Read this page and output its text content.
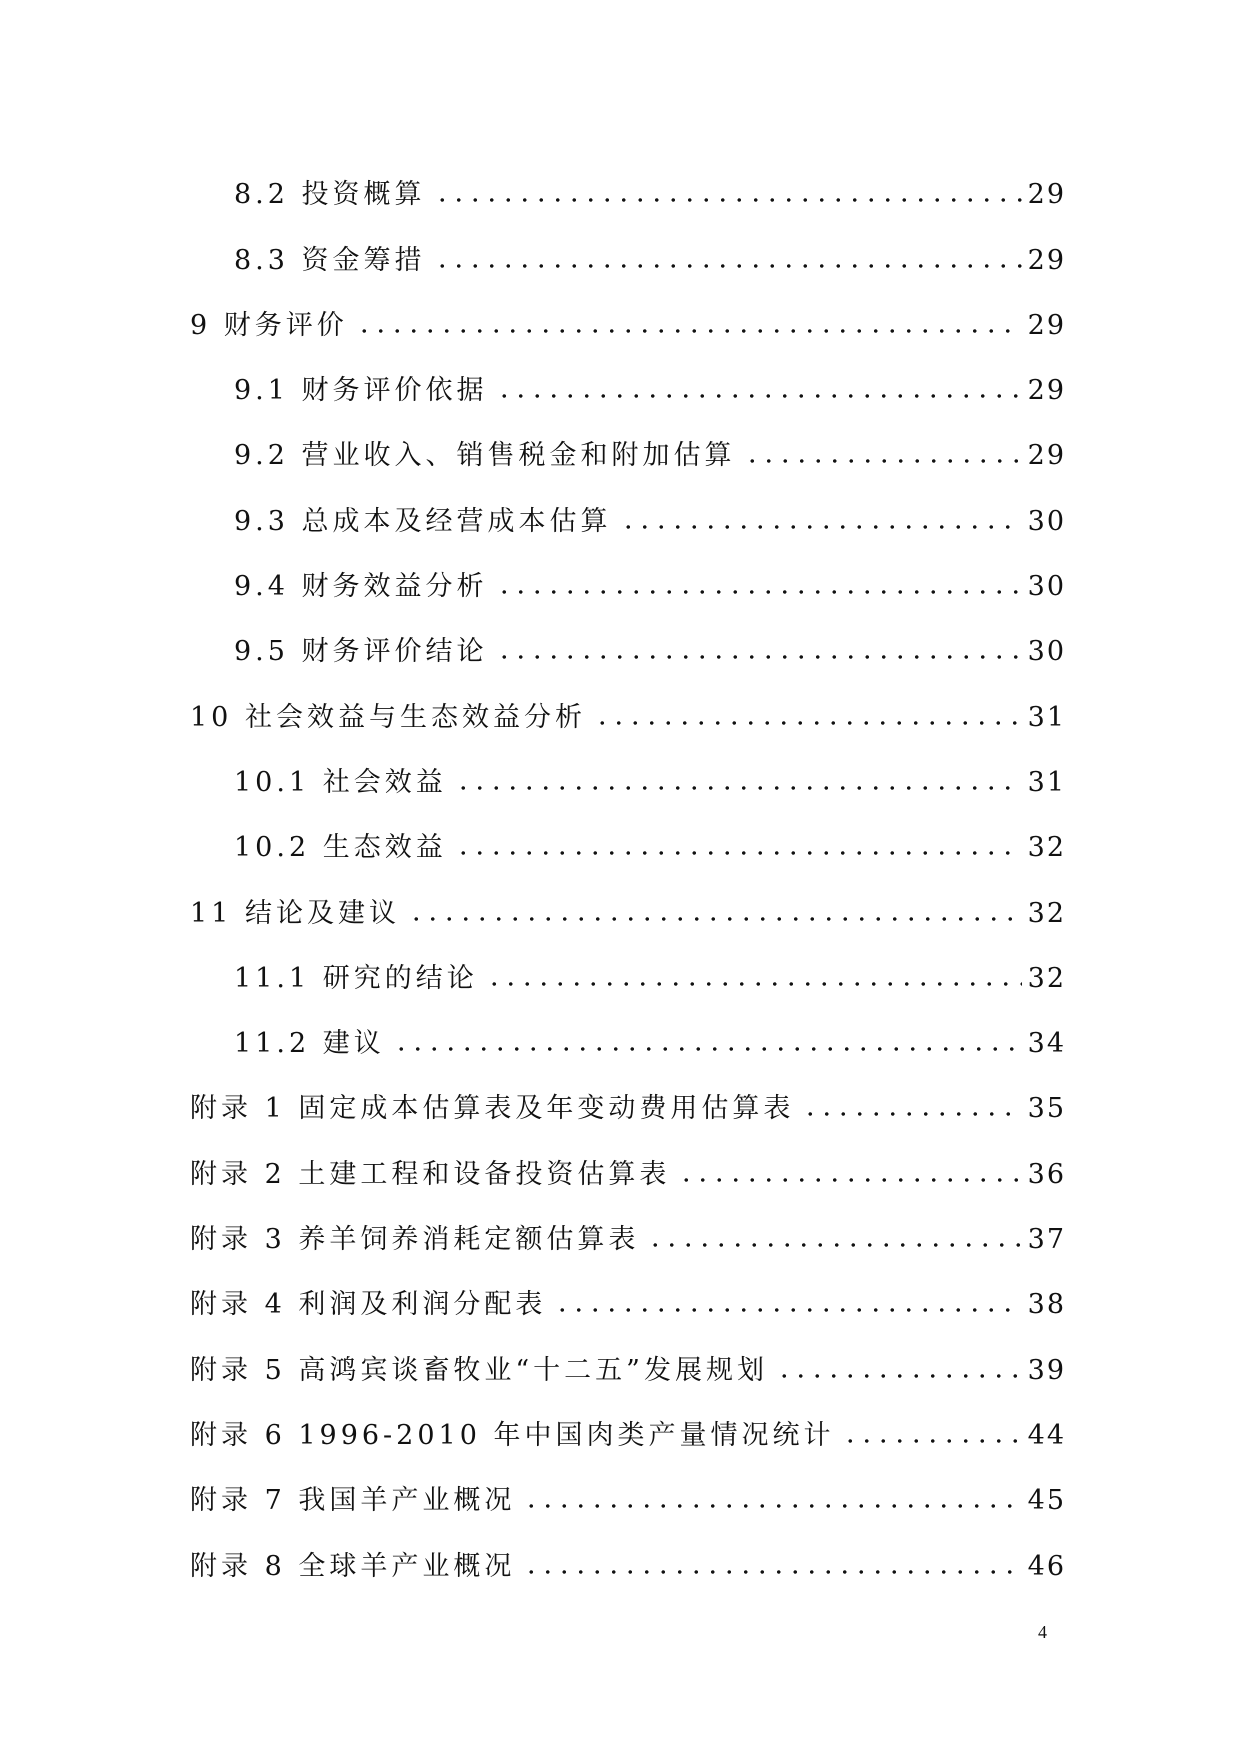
8.2 投资概算	29
8.3 资金筹措	29
9 财务评价	29
9.1 财务评价依据	29
9.2 营业收入、销售税金和附加估算	29
9.3 总成本及经营成本估算	30
9.4 财务效益分析	30
9.5 财务评价结论	30
10 社会效益与生态效益分析	31
10.1 社会效益	31
10.2 生态效益	32
11 结论及建议	32
11.1 研究的结论	32
11.2 建议	34
附录 1 固定成本估算表及年变动费用估算表	35
附录 2 土建工程和设备投资估算表	36
附录 3 养羊饲养消耗定额估算表	37
附录 4 利润及利润分配表	38
附录 5 高鸿宾谈畜牧业“十二五”发展规划	39
附录 6 1996-2010 年中国肉类产量情况统计	44
附录 7 我国羊产业概况	45
附录 8 全球羊产业概况	46
4
